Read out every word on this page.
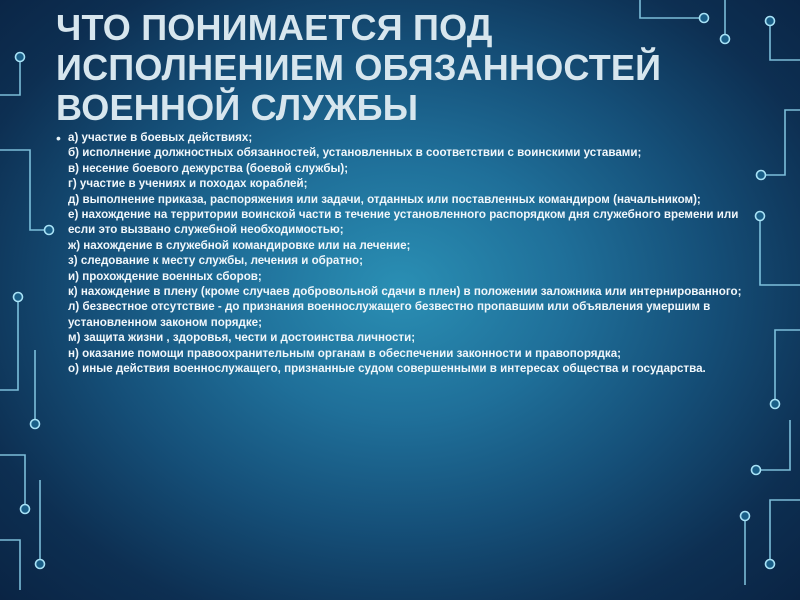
ЧТО ПОНИМАЕТСЯ ПОД ИСПОЛНЕНИЕМ ОБЯЗАННОСТЕЙ ВОЕННОЙ СЛУЖБЫ
• а) участие в боевых действиях;
б) исполнение должностных обязанностей, установленных в соответствии с воинскими уставами;
в) несение боевого дежурства (боевой службы);
г) участие в учениях и походах кораблей;
д) выполнение приказа, распоряжения или задачи, отданных или поставленных командиром (начальником);
е) нахождение на территории воинской части в течение установленного распорядком дня служебного времени или если это вызвано служебной необходимостью;
ж) нахождение в служебной командировке или на лечение;
з) следование к месту службы, лечения и обратно;
и) прохождение военных сборов;
к) нахождение в плену (кроме случаев добровольной сдачи в плен) в положении заложника или интернированного;
л) безвестное отсутствие - до признания военнослужащего безвестно пропавшим или объявления умершим в установленном законом порядке;
м) защита жизни , здоровья, чести и достоинства личности;
н) оказание помощи правоохранительным органам в обеспечении законности и правопорядка;
о) иные действия военнослужащего, признанные судом совершенными в интересах общества и государства.
